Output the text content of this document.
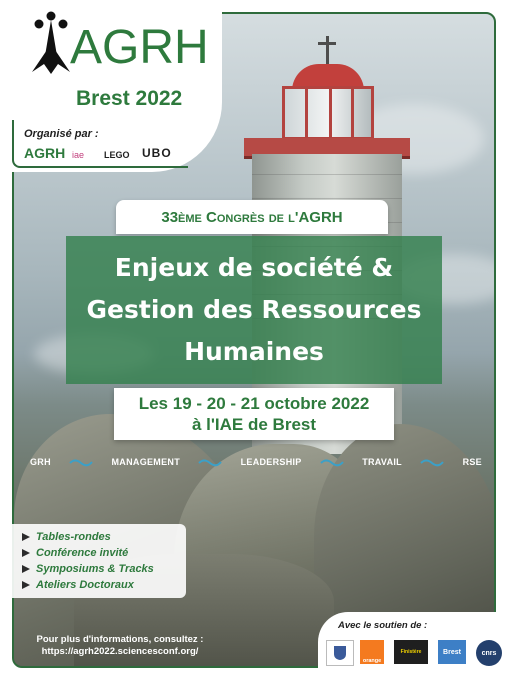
AGRH
Brest 2022
Organisé par :
AGRH iae LEGO UBO
33ème Congrès de l'AGRH
Enjeux de société &
Gestion des Ressources
Humaines
Les 19 - 20 - 21 octobre 2022
à l'IAE de Brest
GRH	MANAGEMENT	LEADERSHIP	TRAVAIL	RSE
Tables-rondes
Conférence invité
Symposiums & Tracks
Ateliers Doctoraux
Pour plus d'informations, consultez :
https://agrh2022.sciencesconf.org/
Avec le soutien de :
orange
Finistère	Brest	cnrs
